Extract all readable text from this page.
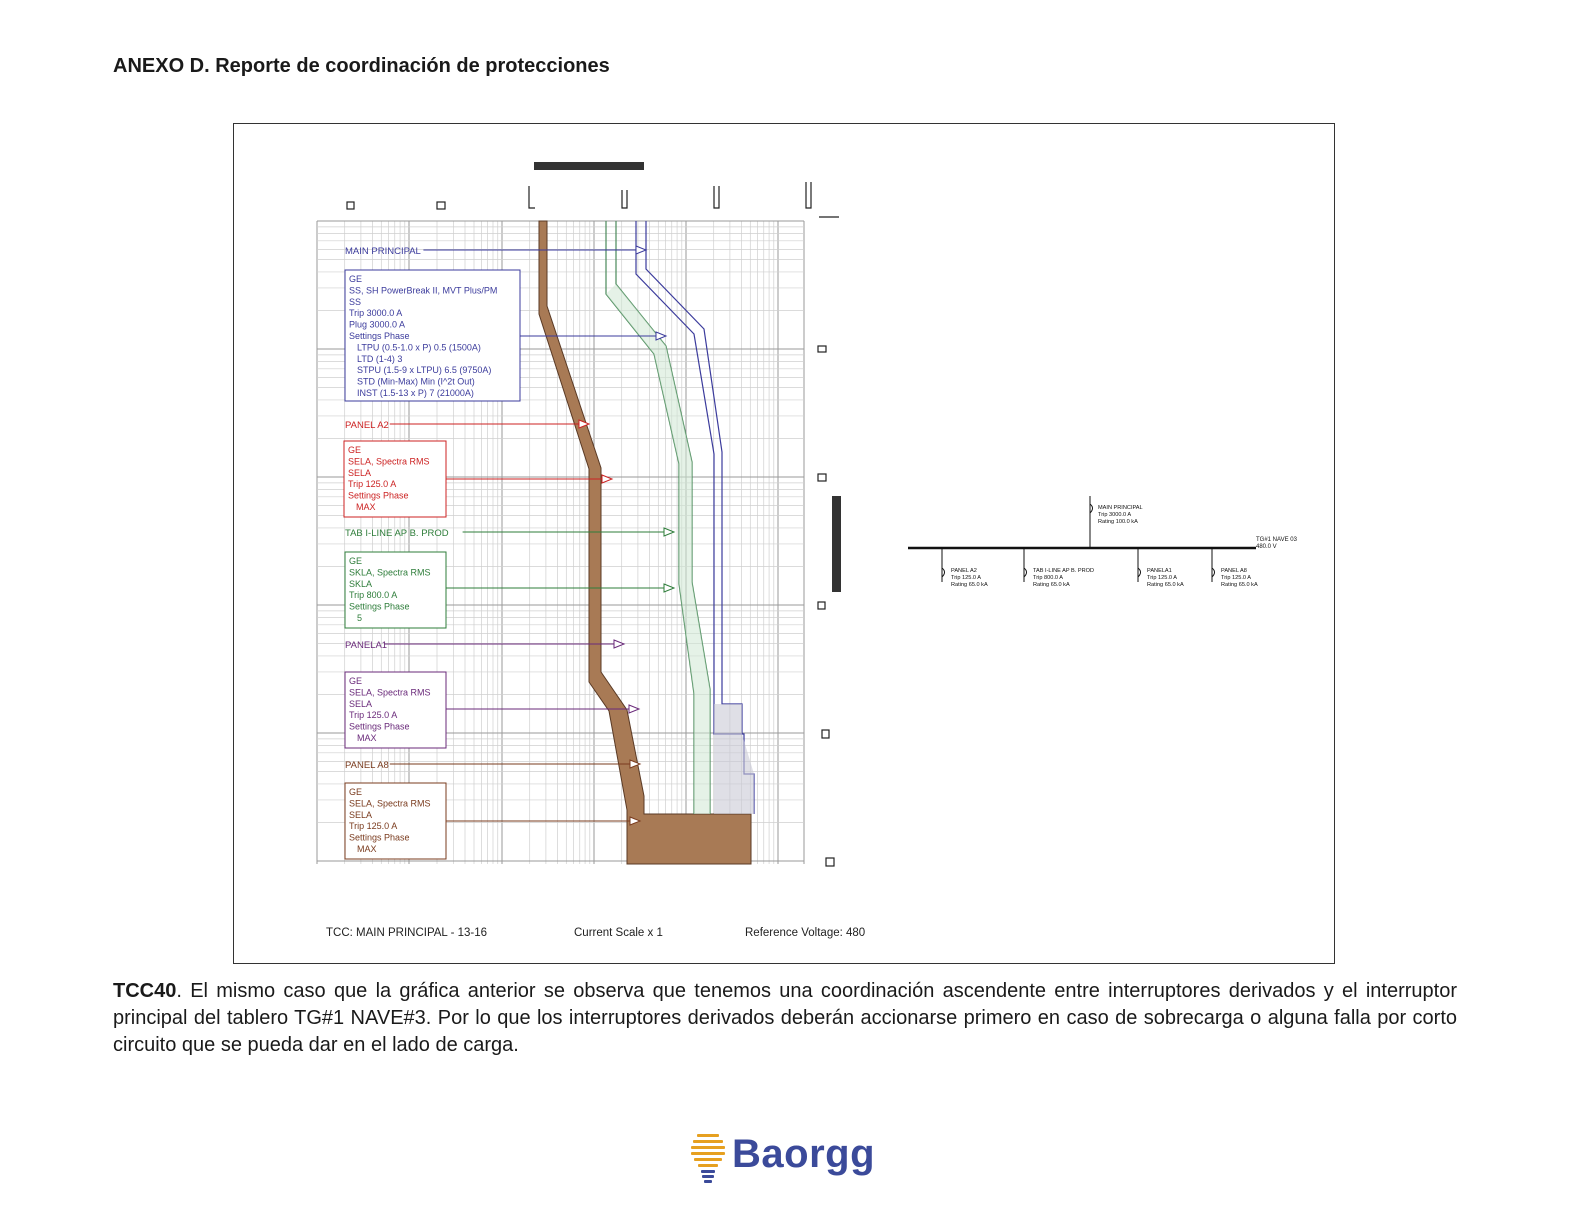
ANEXO D. Reporte de coordinación de protecciones
MAIN PRINCIPAL
GE
SS, SH PowerBreak II, MVT Plus/PM
SS
Trip 3000.0 A
Plug 3000.0 A
Settings Phase
LTPU (0.5-1.0 x P) 0.5 (1500A)
LTD (1-4) 3
STPU (1.5-9 x LTPU) 6.5 (9750A)
STD (Min-Max) Min (I^2t Out)
INST (1.5-13 x P) 7 (21000A)
PANEL A2
GE
SELA, Spectra RMS
SELA
Trip 125.0 A
Settings Phase
MAX
TAB I-LINE AP B. PROD
GE
SKLA, Spectra RMS
SKLA
Trip 800.0 A
Settings Phase
5
PANELA1
GE
SELA, Spectra RMS
SELA
Trip 125.0 A
Settings Phase
MAX
PANEL A8
GE
SELA, Spectra RMS
SELA
Trip 125.0 A
Settings Phase
MAX
TG#1 NAVE 03
480.0 V
MAIN PRINCIPAL
Trip 3000.0 A
Rating 100.0 kA
PANEL A2
Trip 125.0 A
Rating 65.0 kA
TAB I-LINE AP B. PROD
Trip 800.0 A
Rating 65.0 kA
PANELA1
Trip 125.0 A
Rating 65.0 kA
PANEL A8
Trip 125.0 A
Rating 65.0 kA
TCC: MAIN PRINCIPAL - 13-16	Current Scale x 1	Reference Voltage: 480

TCC40. El mismo caso que la gráfica anterior se observa que tenemos una coordinación ascendente entre interruptores derivados y el interruptor principal del tablero TG#1 NAVE#3. Por lo que los interruptores derivados deberán accionarse primero en caso de sobrecarga o alguna falla por corto circuito que se pueda dar en el lado de carga.

Baorgg
